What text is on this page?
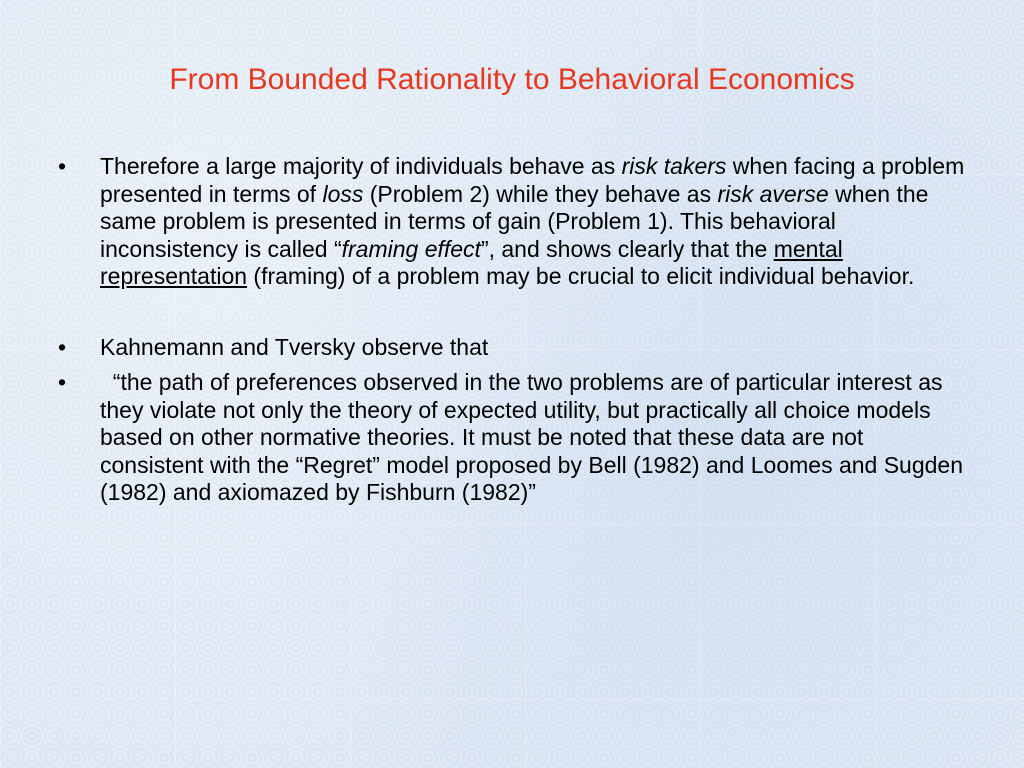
From Bounded Rationality to Behavioral Economics
•	Therefore a large majority of individuals behave as risk takers when facing a problem presented in terms of loss (Problem 2) while they behave as risk averse when the same problem is presented in terms of gain (Problem 1). This behavioral inconsistency is called “framing effect”, and shows clearly that the mental representation (framing) of a problem may be crucial to elicit individual behavior.
•	Kahnemann and Tversky observe that
•	“the path of preferences observed in the two problems are of particular interest as they violate not only the theory of expected utility, but practically all choice models based on other normative theories. It must be noted that these data are not consistent with the “Regret” model proposed by Bell (1982) and Loomes and Sugden (1982) and axiomazed by Fishburn (1982)”
